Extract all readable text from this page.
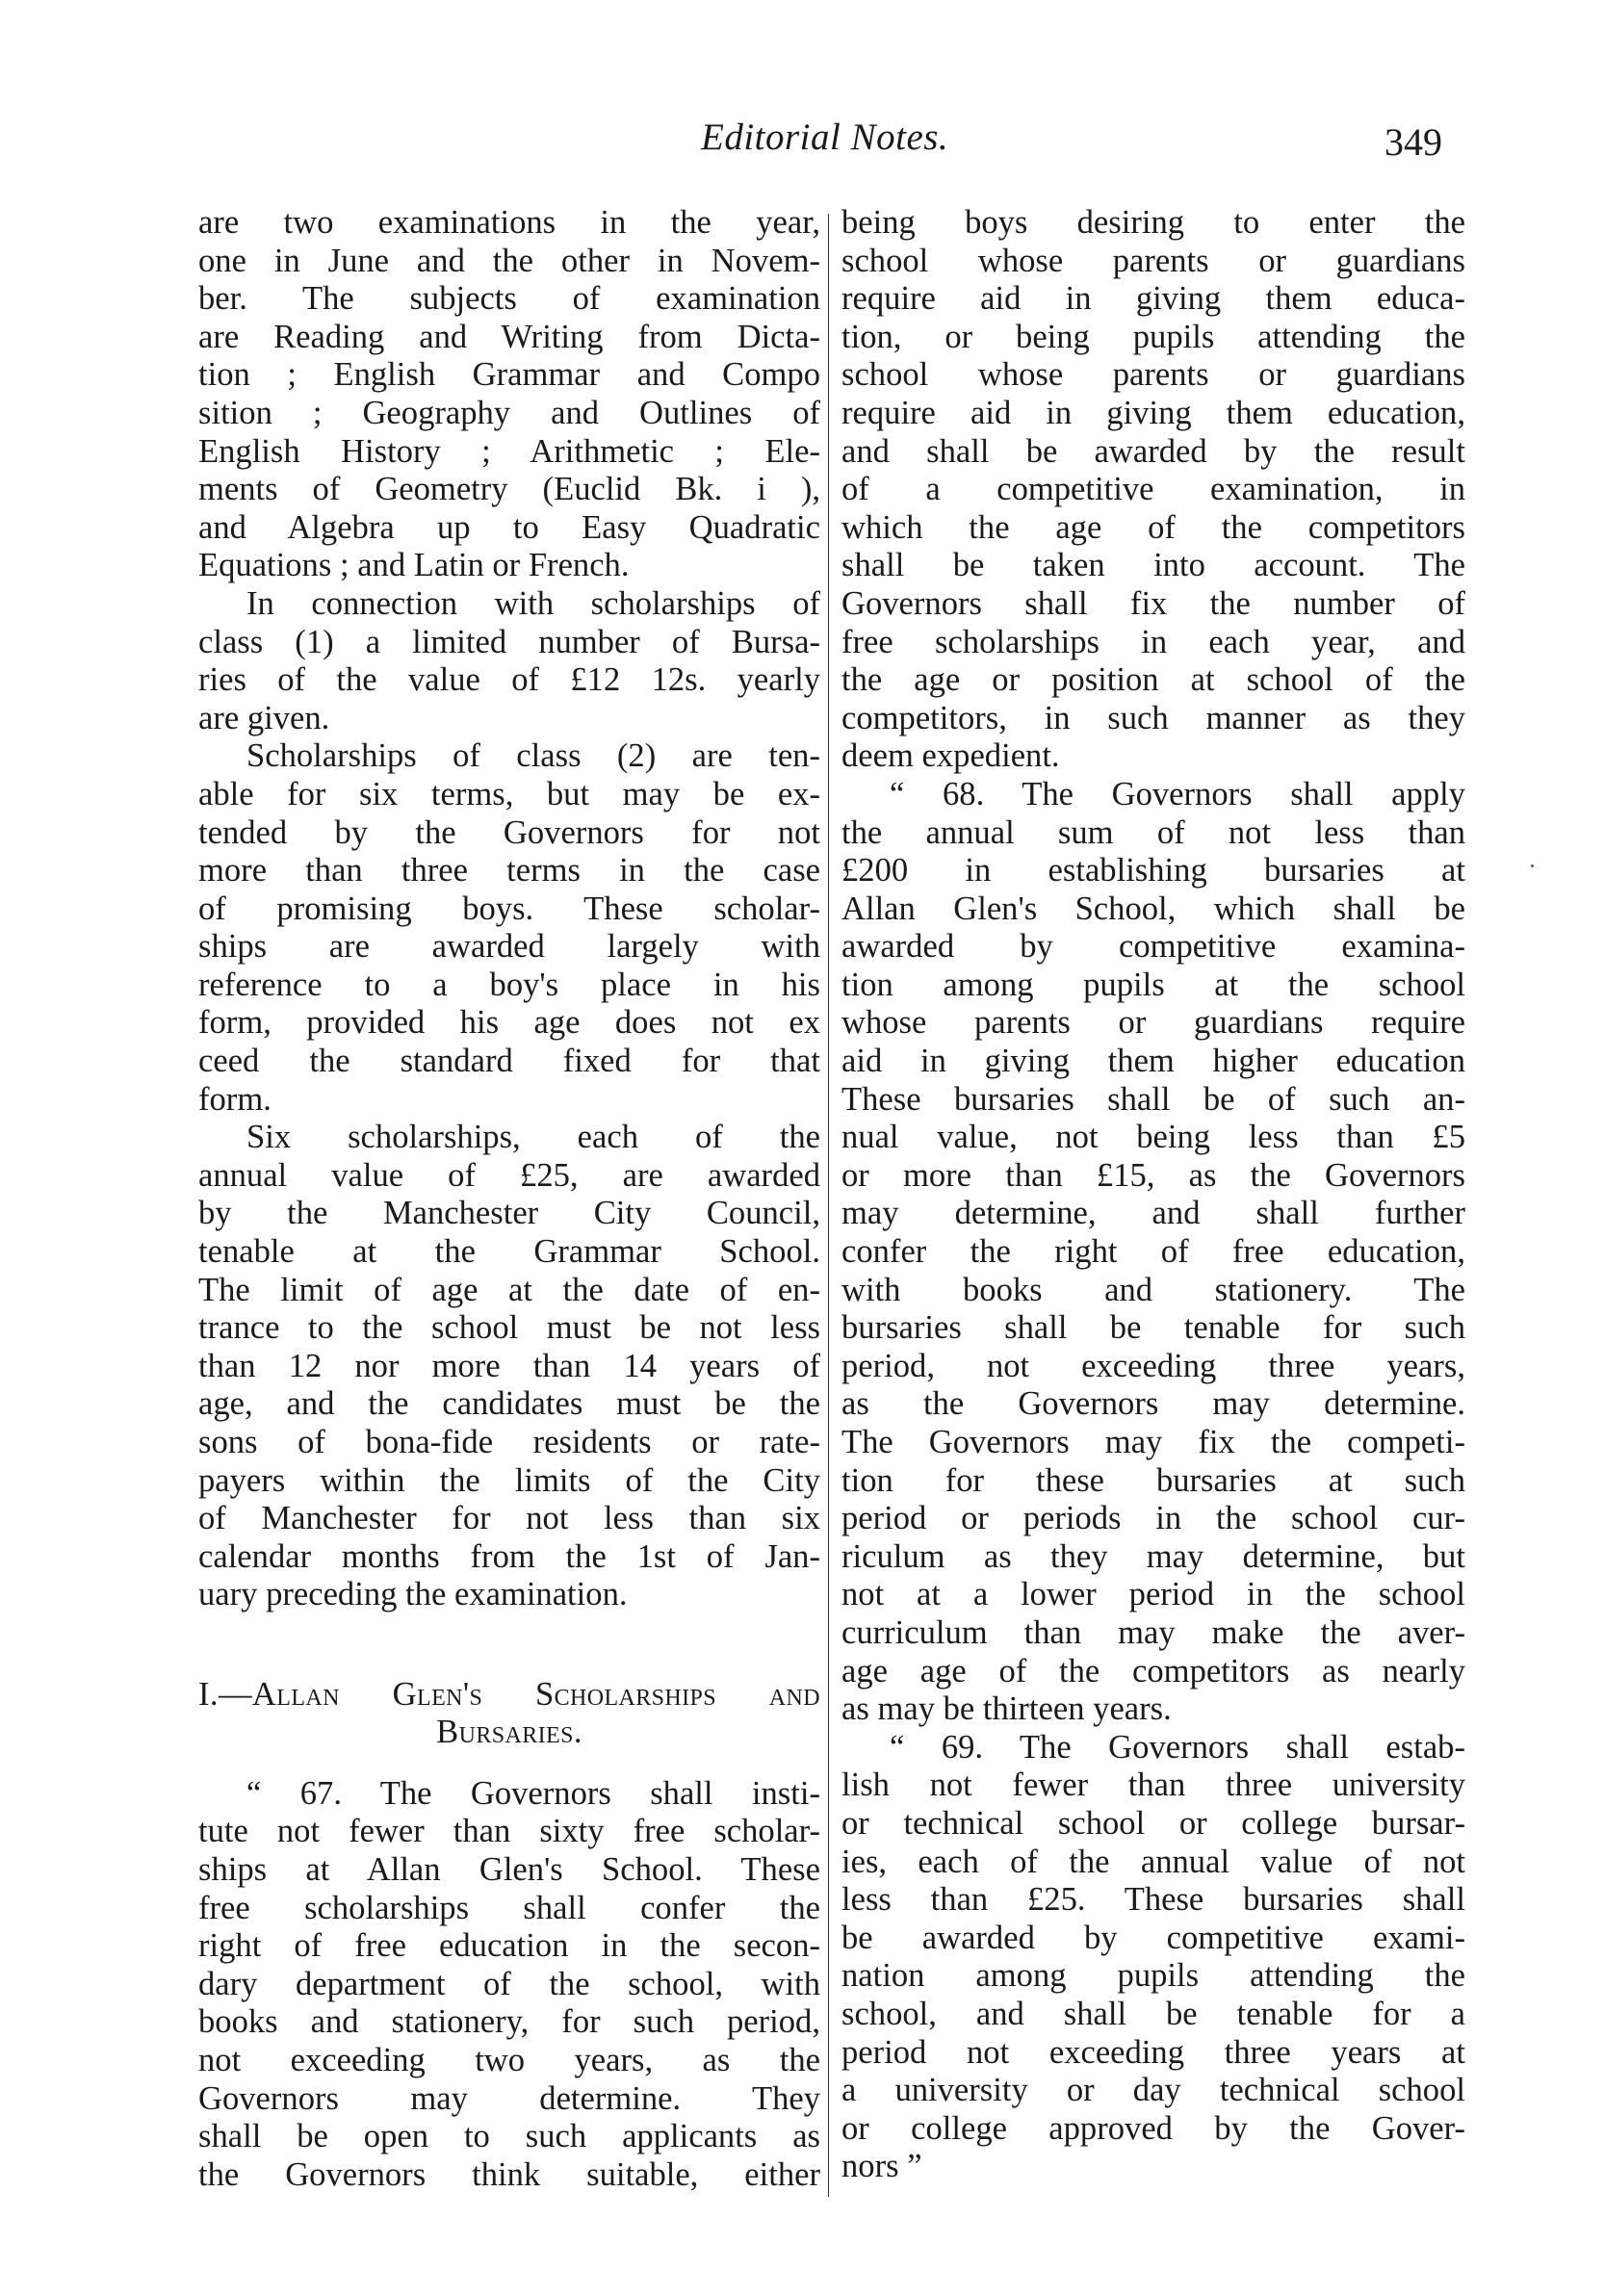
Editorial Notes.	349
are two examinations in the year,
one in June and the other in Novem-
ber. The subjects of examination
are Reading and Writing from Dicta-
tion ; English Grammar and Compo
sition ; Geography and Outlines of
English History ; Arithmetic ; Ele-
ments of Geometry (Euclid Bk. i ),
and Algebra up to Easy Quadratic
Equations ; and Latin or French.
In connection with scholarships of
class (1) a limited number of Bursa-
ries of the value of £12 12s. yearly
are given.
Scholarships of class (2) are ten-
able for six terms, but may be ex-
tended by the Governors for not
more than three terms in the case
of promising boys. These scholar-
ships are awarded largely with
reference to a boy's place in his
form, provided his age does not ex
ceed the standard fixed for that
form.
Six scholarships, each of the
annual value of £25, are awarded
by the Manchester City Council,
tenable at the Grammar School.
The limit of age at the date of en-
trance to the school must be not less
than 12 nor more than 14 years of
age, and the candidates must be the
sons of bona-fide residents or rate-
payers within the limits of the City
of Manchester for not less than six
calendar months from the 1st of Jan-
uary preceding the examination.
I.—Allan Glen's Scholarships and
Bursaries.
“ 67. The Governors shall insti-
tute not fewer than sixty free scholar-
ships at Allan Glen's School. These
free scholarships shall confer the
right of free education in the secon-
dary department of the school, with
books and stationery, for such period,
not exceeding two years, as the
Governors may determine. They
shall be open to such applicants as
the Governors think suitable, either
being boys desiring to enter the
school whose parents or guardians
require aid in giving them educa-
tion, or being pupils attending the
school whose parents or guardians
require aid in giving them education,
and shall be awarded by the result
of a competitive examination, in
which the age of the competitors
shall be taken into account. The
Governors shall fix the number of
free scholarships in each year, and
the age or position at school of the
competitors, in such manner as they
deem expedient.
“ 68. The Governors shall apply
the annual sum of not less than
£200 in establishing bursaries at
Allan Glen's School, which shall be
awarded by competitive examina-
tion among pupils at the school
whose parents or guardians require
aid in giving them higher education
These bursaries shall be of such an-
nual value, not being less than £5
or more than £15, as the Governors
may determine, and shall further
confer the right of free education,
with books and stationery. The
bursaries shall be tenable for such
period, not exceeding three years,
as the Governors may determine.
The Governors may fix the competi-
tion for these bursaries at such
period or periods in the school cur-
riculum as they may determine, but
not at a lower period in the school
curriculum than may make the aver-
age age of the competitors as nearly
as may be thirteen years.
“ 69. The Governors shall estab-
lish not fewer than three university
or technical school or college bursar-
ies, each of the annual value of not
less than £25. These bursaries shall
be awarded by competitive exami-
nation among pupils attending the
school, and shall be tenable for a
period not exceeding three years at
a university or day technical school
or college approved by the Gover-
nors ”
